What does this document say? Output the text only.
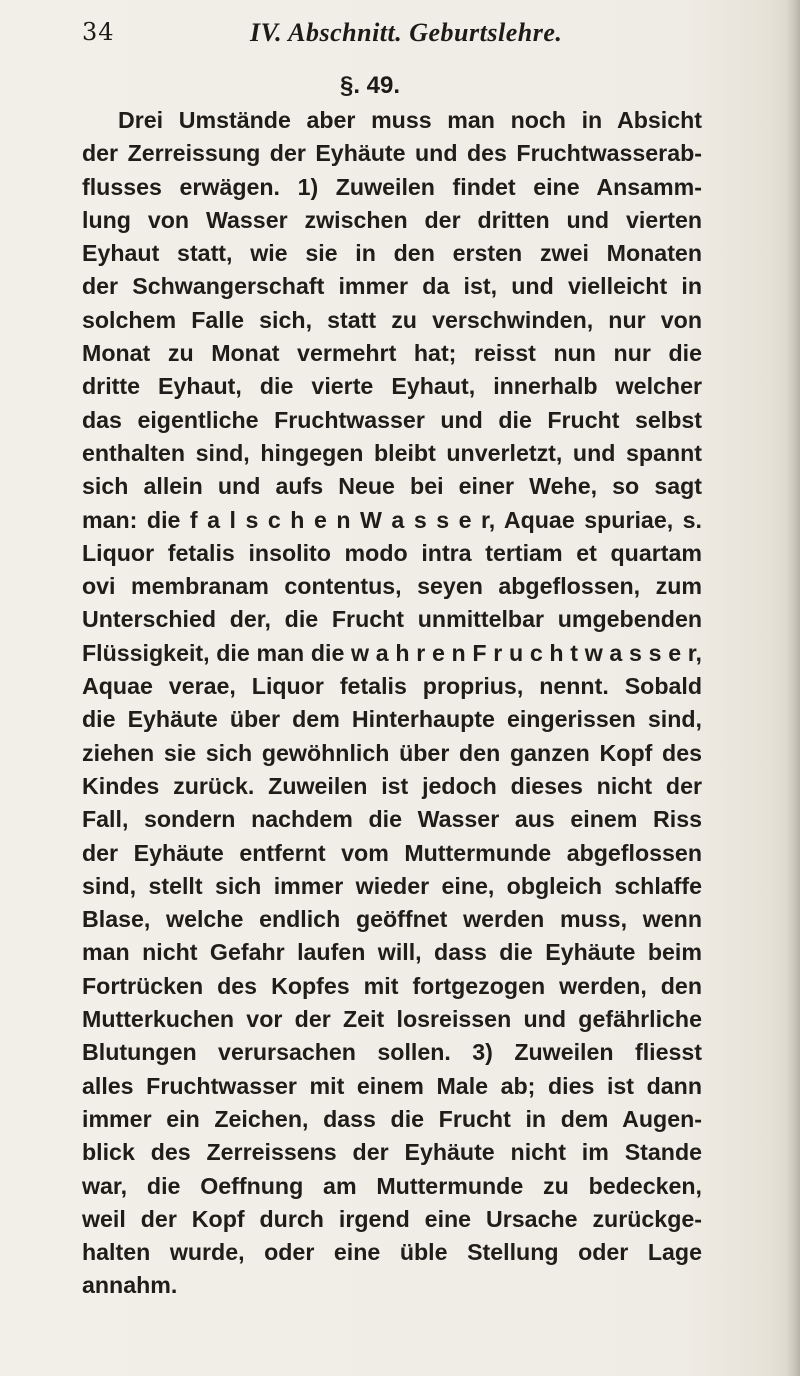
34	IV. Abschnitt. Geburtslehre.
§. 49.
Drei Umstände aber muss man noch in Absicht
der Zerreissung der Eyhäute und des Fruchtwasserab-
flusses erwägen. 1) Zuweilen findet eine Ansamm-
lung von Wasser zwischen der dritten und vierten
Eyhaut statt, wie sie in den ersten zwei Monaten
der Schwangerschaft immer da ist, und vielleicht in
solchem Falle sich, statt zu verschwinden, nur von
Monat zu Monat vermehrt hat; reisst nun nur die
dritte Eyhaut, die vierte Eyhaut, innerhalb welcher
das eigentliche Fruchtwasser und die Frucht selbst
enthalten sind, hingegen bleibt unverletzt, und spannt
sich allein und aufs Neue bei einer Wehe, so sagt
man: die f a l s c h e n W a s s e r, Aquae spuriae, s.
Liquor fetalis insolito modo intra tertiam et quartam
ovi membranam contentus, seyen abgeflossen, zum
Unterschied der, die Frucht unmittelbar umgebenden
Flüssigkeit, die man die w a h r e n F r u c h t w a s s e r,
Aquae verae, Liquor fetalis proprius, nennt. Sobald
die Eyhäute über dem Hinterhaupte eingerissen sind,
ziehen sie sich gewöhnlich über den ganzen Kopf des
Kindes zurück. Zuweilen ist jedoch dieses nicht der
Fall, sondern nachdem die Wasser aus einem Riss
der Eyhäute entfernt vom Muttermunde abgeflossen
sind, stellt sich immer wieder eine, obgleich schlaffe
Blase, welche endlich geöffnet werden muss, wenn
man nicht Gefahr laufen will, dass die Eyhäute beim
Fortrücken des Kopfes mit fortgezogen werden, den
Mutterkuchen vor der Zeit losreissen und gefährliche
Blutungen verursachen sollen. 3) Zuweilen fliesst
alles Fruchtwasser mit einem Male ab; dies ist dann
immer ein Zeichen, dass die Frucht in dem Augen-
blick des Zerreissens der Eyhäute nicht im Stande
war, die Oeffnung am Muttermunde zu bedecken,
weil der Kopf durch irgend eine Ursache zurückge-
halten wurde, oder eine üble Stellung oder Lage
annahm.
